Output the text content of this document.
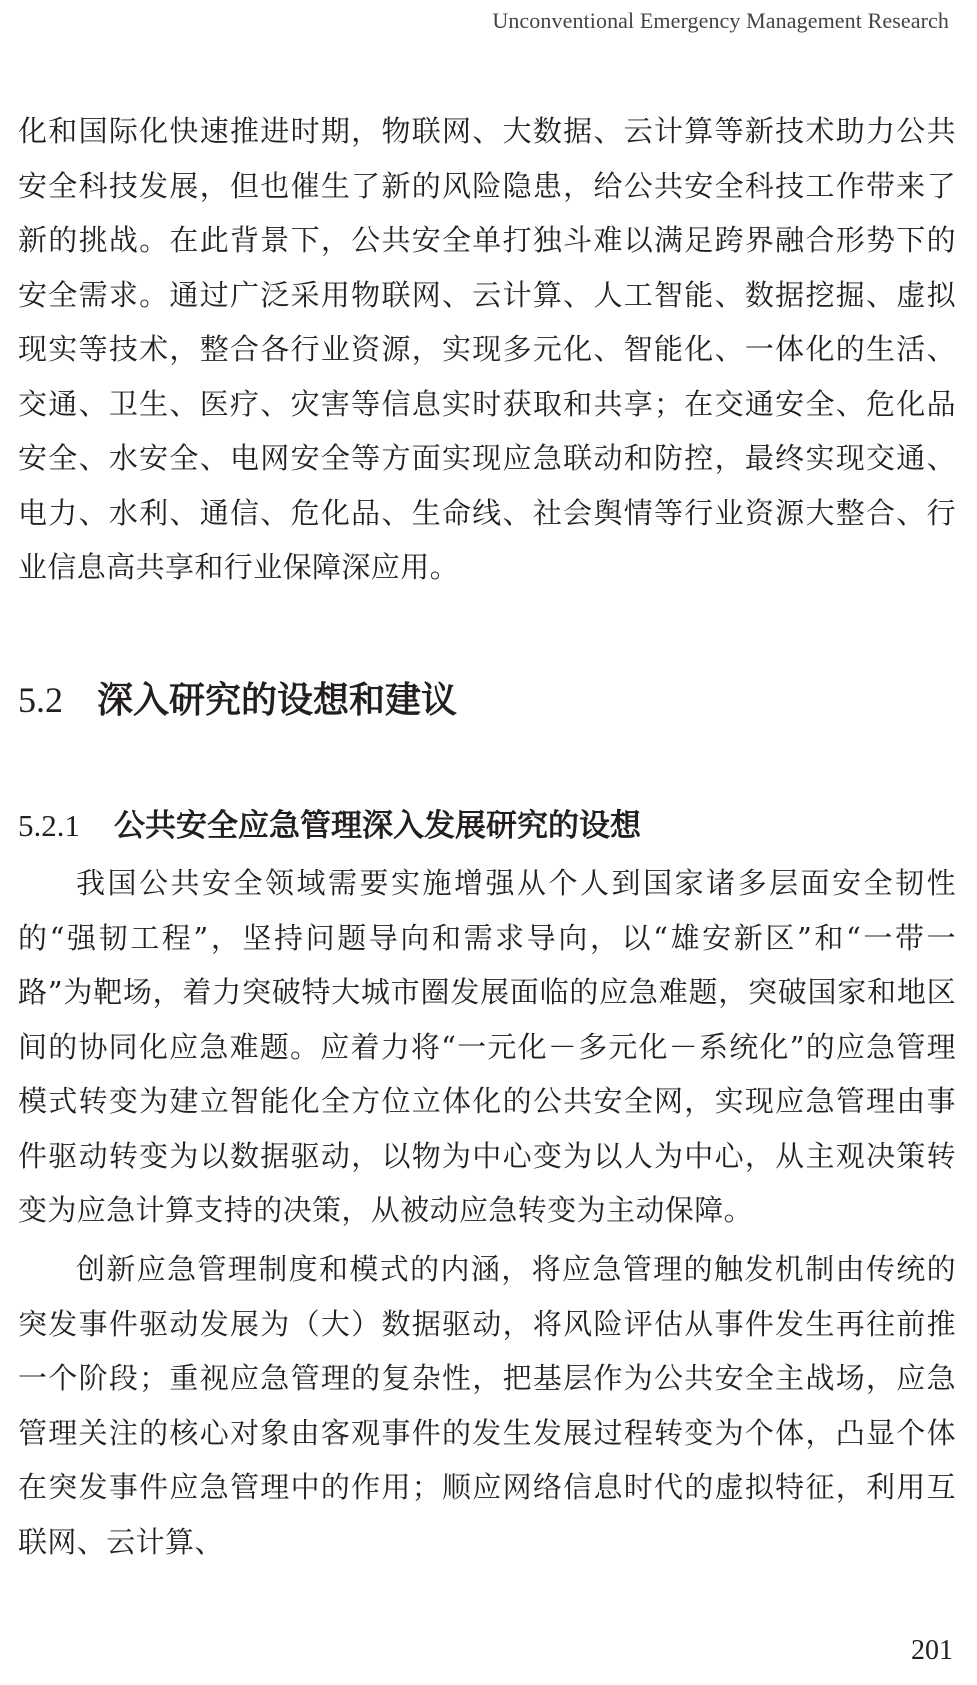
Unconventional Emergency Management Research

化和国际化快速推进时期，物联网、大数据、云计算等新技术助力公共安全科技发展，但也催生了新的风险隐患，给公共安全科技工作带来了新的挑战。在此背景下，公共安全单打独斗难以满足跨界融合形势下的安全需求。通过广泛采用物联网、云计算、人工智能、数据挖掘、虚拟现实等技术，整合各行业资源，实现多元化、智能化、一体化的生活、交通、卫生、医疗、灾害等信息实时获取和共享；在交通安全、危化品安全、水安全、电网安全等方面实现应急联动和防控，最终实现交通、电力、水利、通信、危化品、生命线、社会舆情等行业资源大整合、行业信息高共享和行业保障深应用。

5.2 深入研究的设想和建议
5.2.1 公共安全应急管理深入发展研究的设想

我国公共安全领域需要实施增强从个人到国家诸多层面安全韧性的“强韧工程”，坚持问题导向和需求导向，以“雄安新区”和“一带一路”为靶场，着力突破特大城市圈发展面临的应急难题，突破国家和地区间的协同化应急难题。应着力将“一元化－多元化－系统化”的应急管理模式转变为建立智能化全方位立体化的公共安全网，实现应急管理由事件驱动转变为以数据驱动，以物为中心变为以人为中心，从主观决策转变为应急计算支持的决策，从被动应急转变为主动保障。

创新应急管理制度和模式的内涵，将应急管理的触发机制由传统的突发事件驱动发展为（大）数据驱动，将风险评估从事件发生再往前推一个阶段；重视应急管理的复杂性，把基层作为公共安全主战场，应急管理关注的核心对象由客观事件的发生发展过程转变为个体，凸显个体在突发事件应急管理中的作用；顺应网络信息时代的虚拟特征，利用互联网、云计算、

201
